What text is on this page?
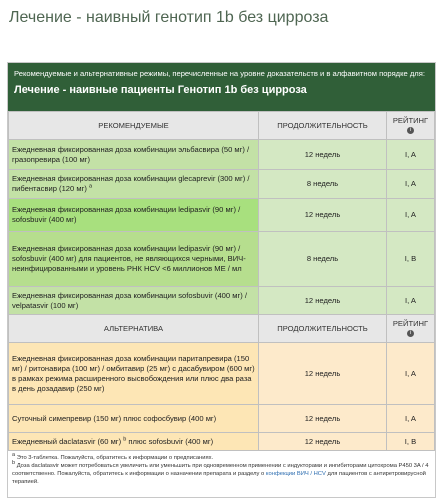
Лечение - наивный генотип 1b без цирроза
Рекомендуемые и альтернативные режимы, перечисленные на уровне доказательств и в алфавитном порядке для:
Лечение - наивные пациенты Генотип 1b без цирроза
РЕКОМЕНДУЕМЫЕ	ПРОДОЛЖИТЕЛЬНОСТЬ	РЕЙТИНГ
i
Ежедневная фиксированная доза комбинации эльбасвира (50 мг) / гразопревира (100 мг)	12 недель	I, A
Ежедневная фиксированная доза комбинации glecaprevir (300 мг) / пибентасвир (120 мг) $^a$	8 недель	I, A
Ежедневная фиксированная доза комбинации ledipasvir (90 мг) / sofosbuvir (400 мг)	12 недель	I, A
Ежедневная фиксированная доза комбинации ledipasvir (90 мг) / sofosbuvir (400 мг) для пациентов, не являющихся черными, ВИЧ-неинфицированными и уровень РНК HCV <6 миллионов МЕ / мл	8 недель	I, B
Ежедневная фиксированная доза комбинации sofosbuvir (400 мг) / velpatasvir (100 мг)	12 недель	I, A
АЛЬТЕРНАТИВА	ПРОДОЛЖИТЕЛЬНОСТЬ	РЕЙТИНГ
i
Ежедневная фиксированная доза комбинации паритапревира (150 мг) / ритонавира (100 мг) / омбитавир (25 мг) с дасабувиром (600 мг) в рамках режима расширенного высвобождения или плюс два раза в день дозадавир (250 мг)	12 недель	I, A
Суточный симепревир (150 мг) плюс софосбувир (400 мг)	12 недель	I, A
Ежедневный daclatasvir (60 мг) $^b$ плюс sofosbuvir (400 мг)	12 недель	I, B
a Это 3-таблетка. Пожалуйста, обратитесь к информации о предписаниях.
b Доза daclatasvir может потребоваться увеличить или уменьшить при одновременном применении с индукторами и ингибиторами цитохрома P450 3A / 4 соответственно. Пожалуйста, обратитесь к информации о назначении препарата и разделу о конфекции ВИЧ / HCV для пациентов с антиретровирусной терапией.
